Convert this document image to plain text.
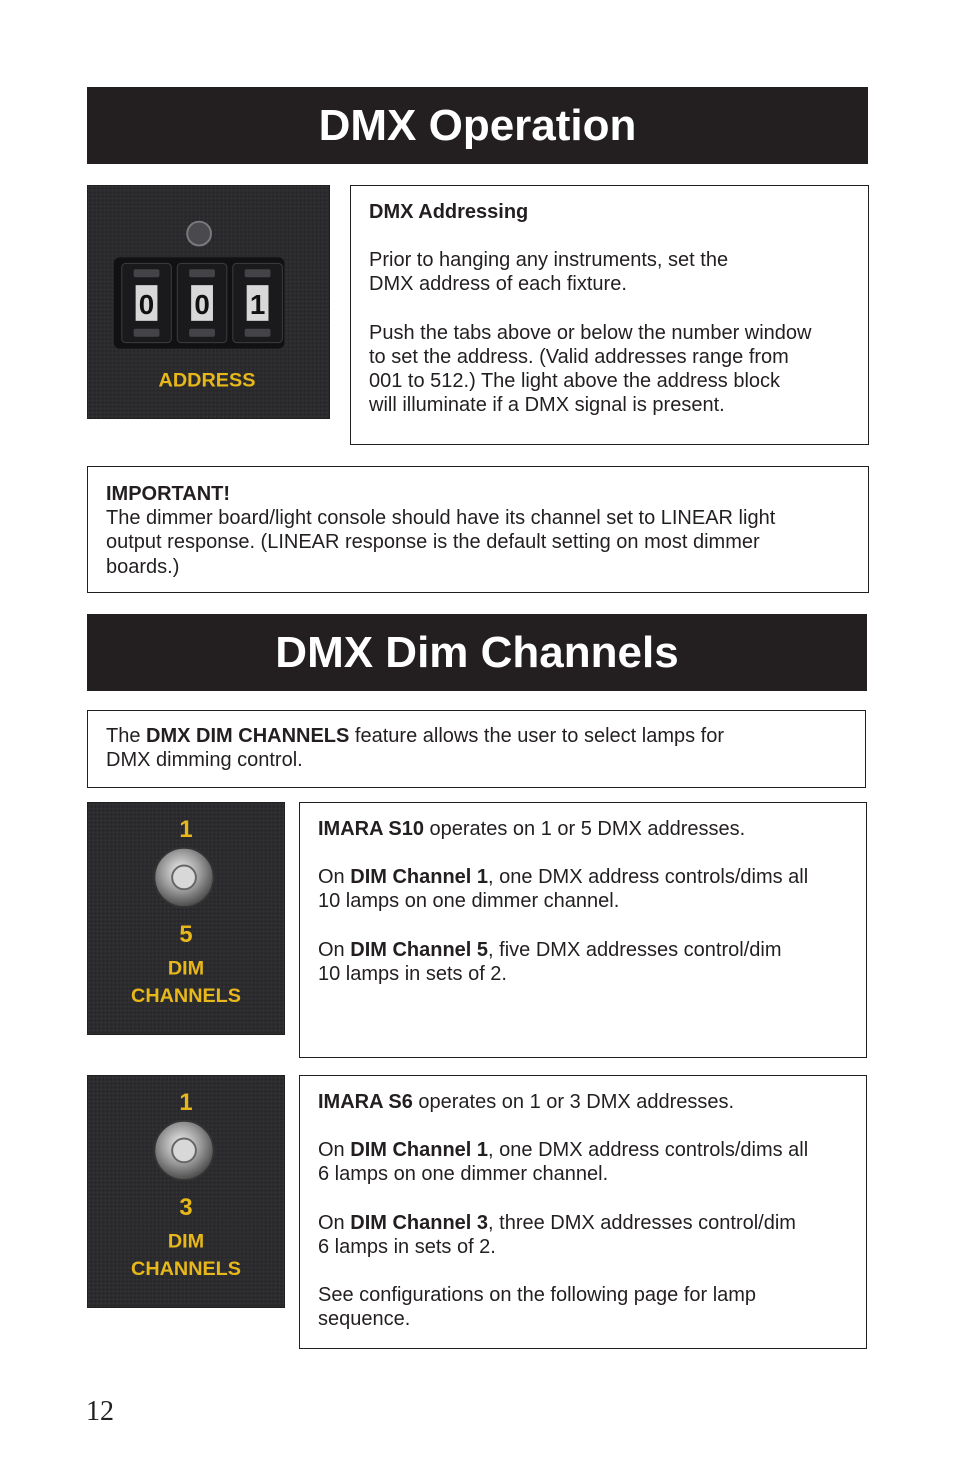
DMX Operation
0 0 1
ADDRESS

DMX Addressing

Prior to hanging any instruments, set the
DMX address of each fixture.

Push the tabs above or below the number window
to set the address. (Valid addresses range from
001 to 512.) The light above the address block
will illuminate if a DMX signal is present.

IMPORTANT!

The dimmer board/light console should have its channel set to LINEAR light
output response. (LINEAR response is the default setting on most dimmer
boards.)

DMX Dim Channels

The DMX DIM CHANNELS feature allows the user to select lamps for
DMX dimming control.

1
5
DIM
CHANNELS

IMARA S10 operates on 1 or 5 DMX addresses.

On DIM Channel 1, one DMX address controls/dims all
10 lamps on one dimmer channel.

On DIM Channel 5, five DMX addresses control/dim
10 lamps in sets of 2.

1
3
DIM
CHANNELS

IMARA S6 operates on 1 or 3 DMX addresses.

On DIM Channel 1, one DMX address controls/dims all
6 lamps on one dimmer channel.

On DIM Channel 3, three DMX addresses control/dim
6 lamps in sets of 2.

See configurations on the following page for lamp
sequence.

12
